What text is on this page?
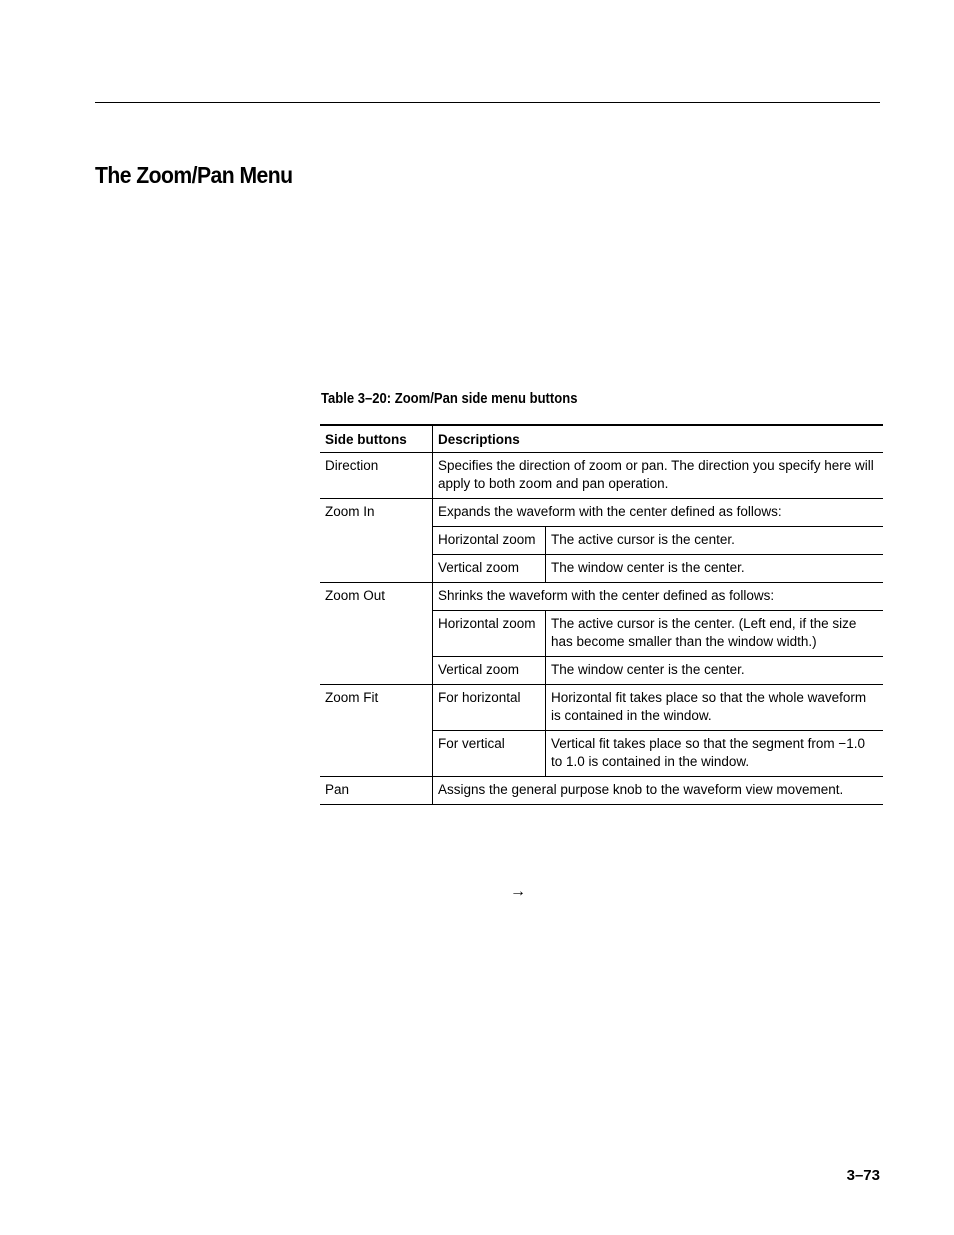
The Zoom/Pan Menu
Table 3–20: Zoom/Pan side menu buttons
Side buttons	Descriptions	
Direction	Specifies the direction of zoom or pan. The direction you specify here will apply to both zoom and pan operation.	
Zoom In	Expands the waveform with the center defined as follows:	
	Horizontal zoom	The active cursor is the center.
	Vertical zoom	The window center is the center.
Zoom Out	Shrinks the waveform with the center defined as follows:	
	Horizontal zoom	The active cursor is the center. (Left end, if the size has become smaller than the window width.)
	Vertical zoom	The window center is the center.
Zoom Fit	For horizontal	Horizontal fit takes place so that the whole waveform is contained in the window.
	For vertical	Vertical fit takes place so that the segment from −1.0 to 1.0 is contained in the window.
Pan	Assigns the general purpose knob to the waveform view movement.	
→
3–73
